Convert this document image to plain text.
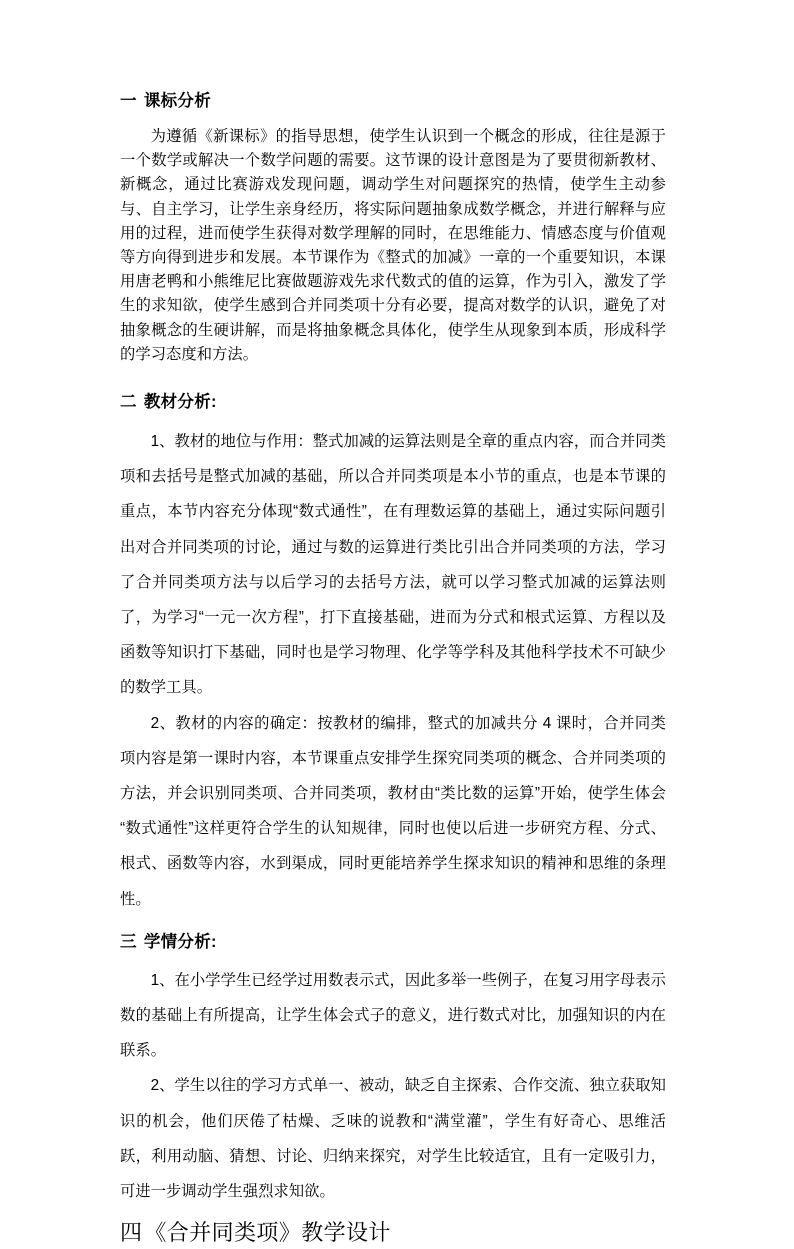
一 课标分析

为遵循《新课标》的指导思想，使学生认识到一个概念的形成，往往是源于一个数学或解决一个数学问题的需要。这节课的设计意图是为了要贯彻新教材、新概念，通过比赛游戏发现问题，调动学生对问题探究的热情，使学生主动参与、自主学习，让学生亲身经历，将实际问题抽象成数学概念，并进行解释与应用的过程，进而使学生获得对数学理解的同时，在思维能力、情感态度与价值观等方向得到进步和发展。本节课作为《整式的加减》一章的一个重要知识，本课用唐老鸭和小熊维尼比赛做题游戏先求代数式的值的运算，作为引入，激发了学生的求知欲，使学生感到合并同类项十分有必要，提高对数学的认识，避免了对抽象概念的生硬讲解，而是将抽象概念具体化，使学生从现象到本质，形成科学的学习态度和方法。

二 教材分析:

1、教材的地位与作用：整式加减的运算法则是全章的重点内容，而合并同类项和去括号是整式加减的基础，所以合并同类项是本小节的重点，也是本节课的重点，本节内容充分体现“数式通性”，在有理数运算的基础上，通过实际问题引出对合并同类项的讨论，通过与数的运算进行类比引出合并同类项的方法，学习了合并同类项方法与以后学习的去括号方法，就可以学习整式加减的运算法则了，为学习“一元一次方程”，打下直接基础，进而为分式和根式运算、方程以及函数等知识打下基础，同时也是学习物理、化学等学科及其他科学技术不可缺少的数学工具。

2、教材的内容的确定：按教材的编排，整式的加减共分 4 课时，合并同类项内容是第一课时内容，本节课重点安排学生探究同类项的概念、合并同类项的方法，并会识别同类项、合并同类项，教材由“类比数的运算”开始，使学生体会“数式通性”这样更符合学生的认知规律，同时也使以后进一步研究方程、分式、根式、函数等内容，水到渠成，同时更能培养学生探求知识的精神和思维的条理性。

三 学情分析:

1、在小学学生已经学过用数表示式，因此多举一些例子，在复习用字母表示数的基础上有所提高，让学生体会式子的意义，进行数式对比，加强知识的内在联系。

2、学生以往的学习方式单一、被动，缺乏自主探索、合作交流、独立获取知识的机会，他们厌倦了枯燥、乏味的说教和“满堂灌”，学生有好奇心、思维活跃，利用动脑、猜想、讨论、归纳来探究，对学生比较适宜，且有一定吸引力，可进一步调动学生强烈求知欲。

四《合并同类项》教学设计
